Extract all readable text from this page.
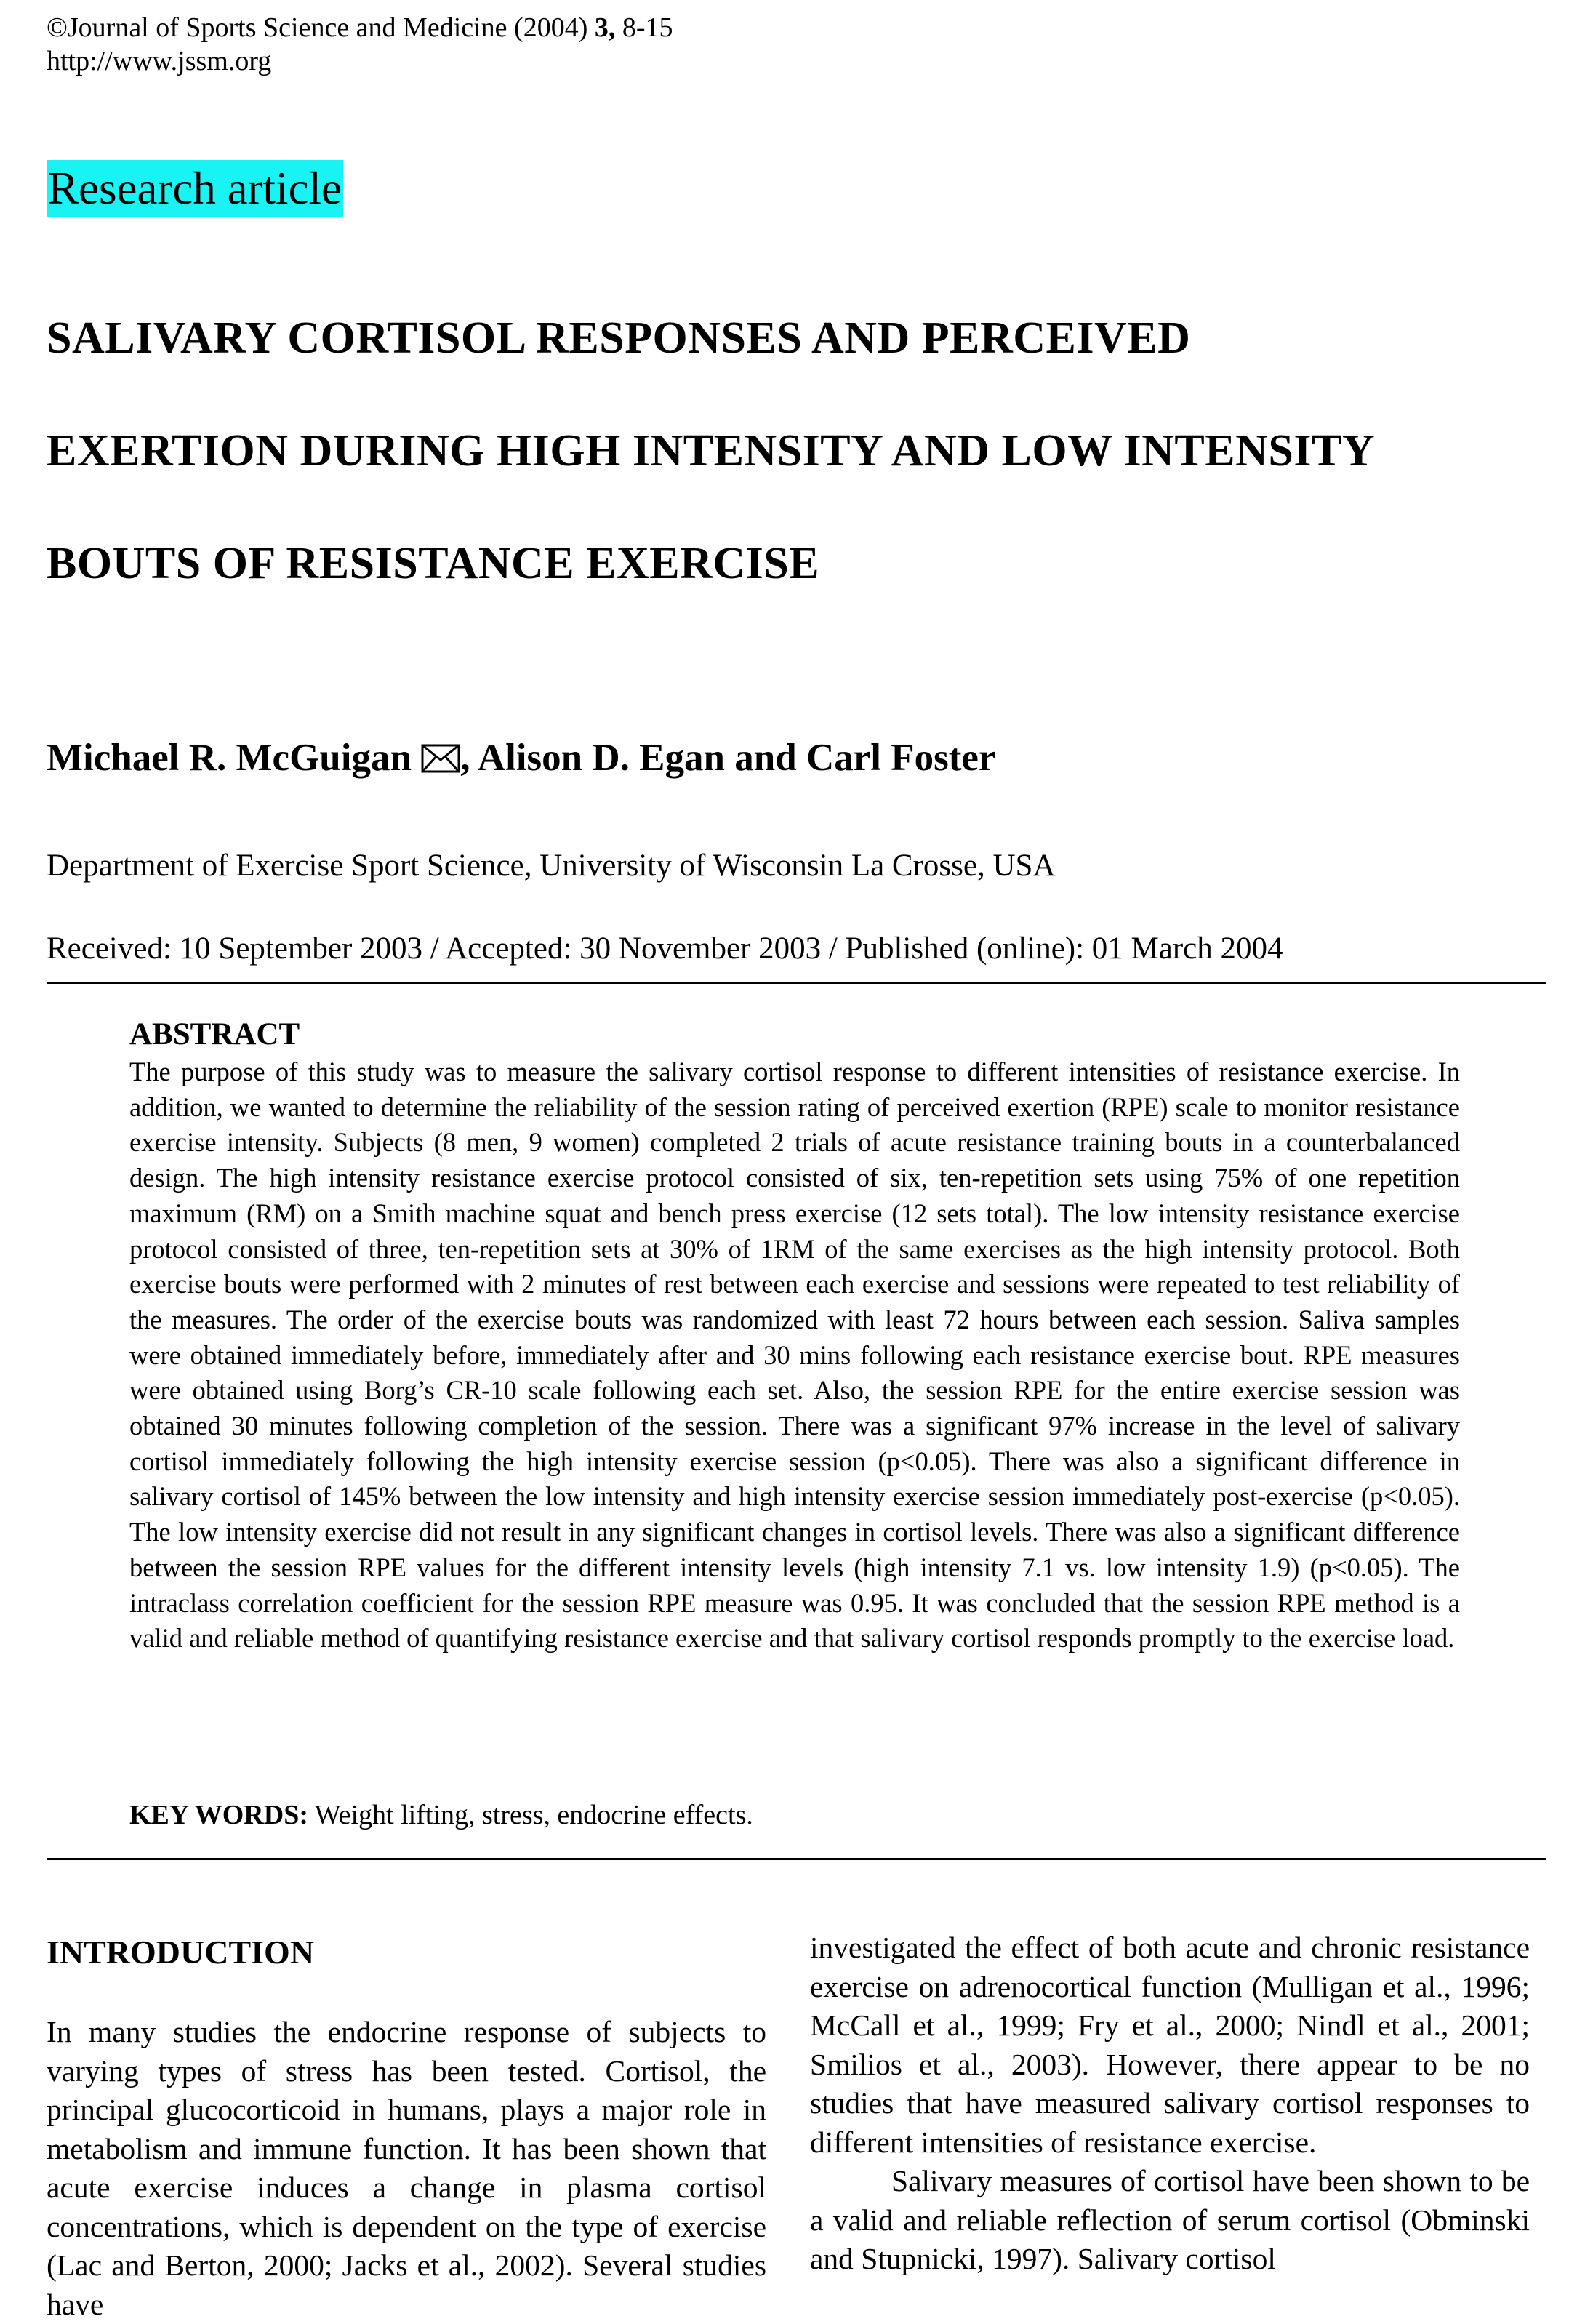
©Journal of Sports Science and Medicine (2004) 3, 8-15
http://www.jssm.org
Research article
SALIVARY CORTISOL RESPONSES AND PERCEIVED
EXERTION DURING HIGH INTENSITY AND LOW INTENSITY
BOUTS OF RESISTANCE EXERCISE
Michael R. McGuigan , Alison D. Egan and Carl Foster
Department of Exercise Sport Science, University of Wisconsin La Crosse, USA
Received: 10 September 2003 / Accepted: 30 November 2003 / Published (online): 01 March 2004
ABSTRACT
The purpose of this study was to measure the salivary cortisol response to different intensities of resistance exercise. In addition, we wanted to determine the reliability of the session rating of perceived exertion (RPE) scale to monitor resistance exercise intensity. Subjects (8 men, 9 women) completed 2 trials of acute resistance training bouts in a counterbalanced design. The high intensity resistance exercise protocol consisted of six, ten-repetition sets using 75% of one repetition maximum (RM) on a Smith machine squat and bench press exercise (12 sets total). The low intensity resistance exercise protocol consisted of three, ten-repetition sets at 30% of 1RM of the same exercises as the high intensity protocol. Both exercise bouts were performed with 2 minutes of rest between each exercise and sessions were repeated to test reliability of the measures. The order of the exercise bouts was randomized with least 72 hours between each session. Saliva samples were obtained immediately before, immediately after and 30 mins following each resistance exercise bout. RPE measures were obtained using Borg’s CR-10 scale following each set. Also, the session RPE for the entire exercise session was obtained 30 minutes following completion of the session. There was a significant 97% increase in the level of salivary cortisol immediately following the high intensity exercise session (p<0.05). There was also a significant difference in salivary cortisol of 145% between the low intensity and high intensity exercise session immediately post-exercise (p<0.05). The low intensity exercise did not result in any significant changes in cortisol levels. There was also a significant difference between the session RPE values for the different intensity levels (high intensity 7.1 vs. low intensity 1.9) (p<0.05). The intraclass correlation coefficient for the session RPE measure was 0.95. It was concluded that the session RPE method is a valid and reliable method of quantifying resistance exercise and that salivary cortisol responds promptly to the exercise load.
KEY WORDS: Weight lifting, stress, endocrine effects.
INTRODUCTION

In many studies the endocrine response of subjects to varying types of stress has been tested. Cortisol, the principal glucocorticoid in humans, plays a major role in metabolism and immune function. It has been shown that acute exercise induces a change in plasma cortisol concentrations, which is dependent on the type of exercise (Lac and Berton, 2000; Jacks et al., 2002). Several studies have

investigated the effect of both acute and chronic resistance exercise on adrenocortical function (Mulligan et al., 1996; McCall et al., 1999; Fry et al., 2000; Nindl et al., 2001; Smilios et al., 2003). However, there appear to be no studies that have measured salivary cortisol responses to different intensities of resistance exercise.

Salivary measures of cortisol have been shown to be a valid and reliable reflection of serum cortisol (Obminski and Stupnicki, 1997). Salivary cortisol
